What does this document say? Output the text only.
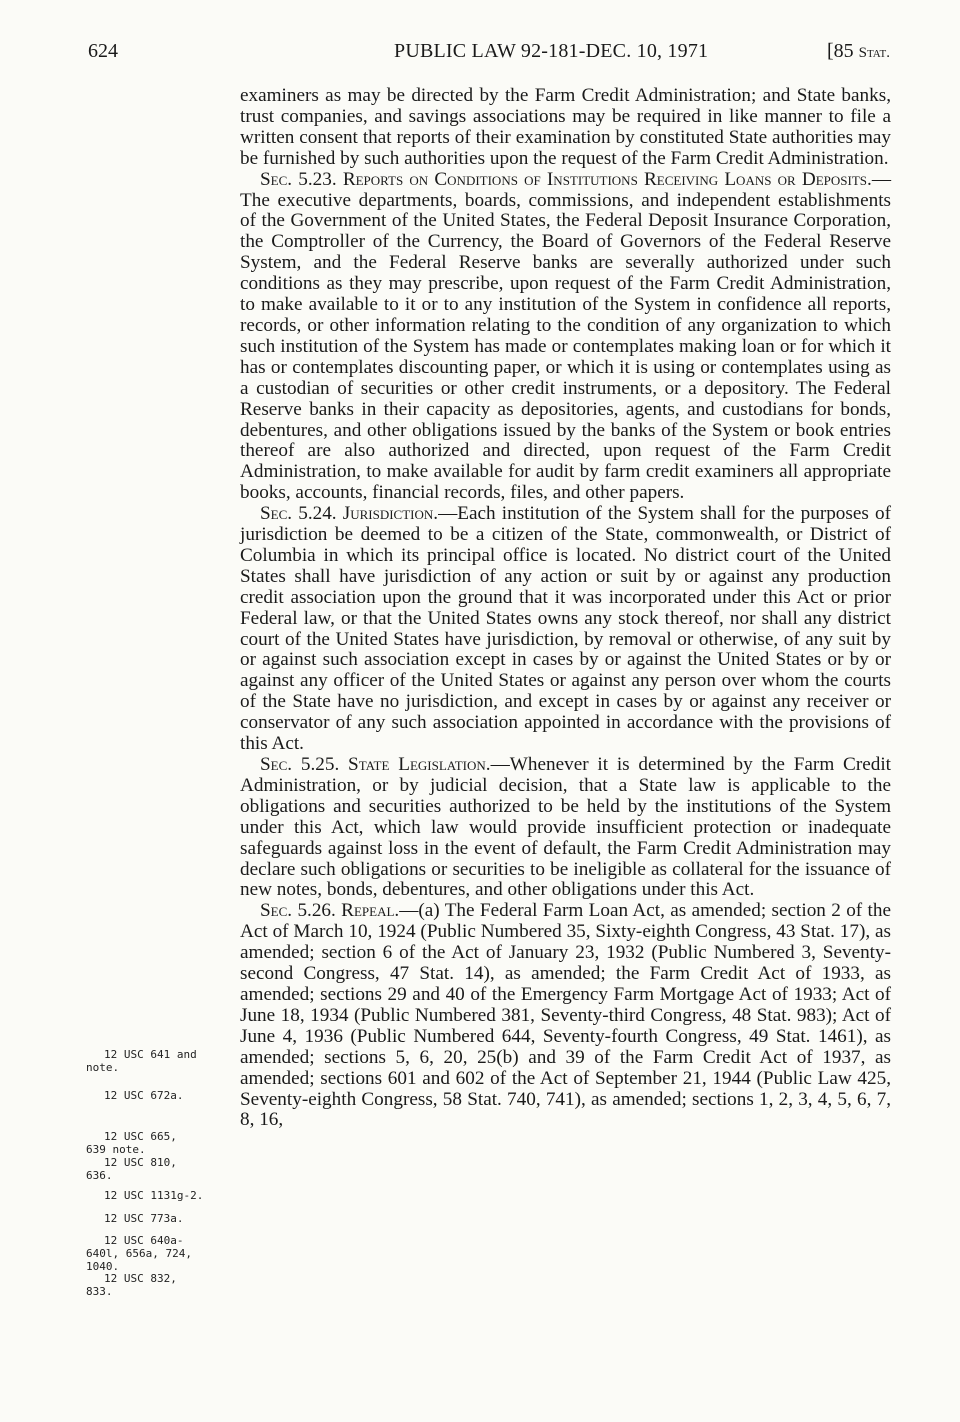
624	PUBLIC LAW 92-181-DEC. 10, 1971	[85 Stat.

examiners as may be directed by the Farm Credit Administration; and State banks, trust companies, and savings associations may be required in like manner to file a written consent that reports of their examination by constituted State authorities may be furnished by such authorities upon the request of the Farm Credit Administration.

Sec. 5.23. Reports on Conditions of Institutions Receiving Loans or Deposits.—The executive departments, boards, commissions, and independent establishments of the Government of the United States, the Federal Deposit Insurance Corporation, the Comptroller of the Currency, the Board of Governors of the Federal Reserve System, and the Federal Reserve banks are severally authorized under such conditions as they may prescribe, upon request of the Farm Credit Administration, to make available to it or to any institution of the System in confidence all reports, records, or other information relating to the condition of any organization to which such institution of the System has made or contemplates making loan or for which it has or contemplates discounting paper, or which it is using or contemplates using as a custodian of securities or other credit instruments, or a depository. The Federal Reserve banks in their capacity as depositories, agents, and custodians for bonds, debentures, and other obligations issued by the banks of the System or book entries thereof are also authorized and directed, upon request of the Farm Credit Administration, to make available for audit by farm credit examiners all appropriate books, accounts, financial records, files, and other papers.

Sec. 5.24. Jurisdiction.—Each institution of the System shall for the purposes of jurisdiction be deemed to be a citizen of the State, commonwealth, or District of Columbia in which its principal office is located. No district court of the United States shall have jurisdiction of any action or suit by or against any production credit association upon the ground that it was incorporated under this Act or prior Federal law, or that the United States owns any stock thereof, nor shall any district court of the United States have jurisdiction, by removal or otherwise, of any suit by or against such association except in cases by or against the United States or by or against any officer of the United States or against any person over whom the courts of the State have no jurisdiction, and except in cases by or against any receiver or conservator of any such association appointed in accordance with the provisions of this Act.

Sec. 5.25. State Legislation.—Whenever it is determined by the Farm Credit Administration, or by judicial decision, that a State law is applicable to the obligations and securities authorized to be held by the institutions of the System under this Act, which law would provide insufficient protection or inadequate safeguards against loss in the event of default, the Farm Credit Administration may declare such obligations or securities to be ineligible as collateral for the issuance of new notes, bonds, debentures, and other obligations under this Act.

Sec. 5.26. Repeal.—(a) The Federal Farm Loan Act, as amended; section 2 of the Act of March 10, 1924 (Public Numbered 35, Sixty-eighth Congress, 43 Stat. 17), as amended; section 6 of the Act of January 23, 1932 (Public Numbered 3, Seventy-second Congress, 47 Stat. 14), as amended; the Farm Credit Act of 1933, as amended; sections 29 and 40 of the Emergency Farm Mortgage Act of 1933; Act of June 18, 1934 (Public Numbered 381, Seventy-third Congress, 48 Stat. 983); Act of June 4, 1936 (Public Numbered 644, Seventy-fourth Congress, 49 Stat. 1461), as amended; sections 5, 6, 20, 25(b) and 39 of the Farm Credit Act of 1937, as amended; sections 601 and 602 of the Act of September 21, 1944 (Public Law 425, Seventy-eighth Congress, 58 Stat. 740, 741), as amended; sections 1, 2, 3, 4, 5, 6, 7, 8, 16,

12 USC 641 and
note.
12 USC 672a.
12 USC 665,
639 note.
12 USC 810,
636.
12 USC 1131g-2.
12 USC 773a.
12 USC 640a-
640l, 656a, 724, 1040.
12 USC 832,
833.
